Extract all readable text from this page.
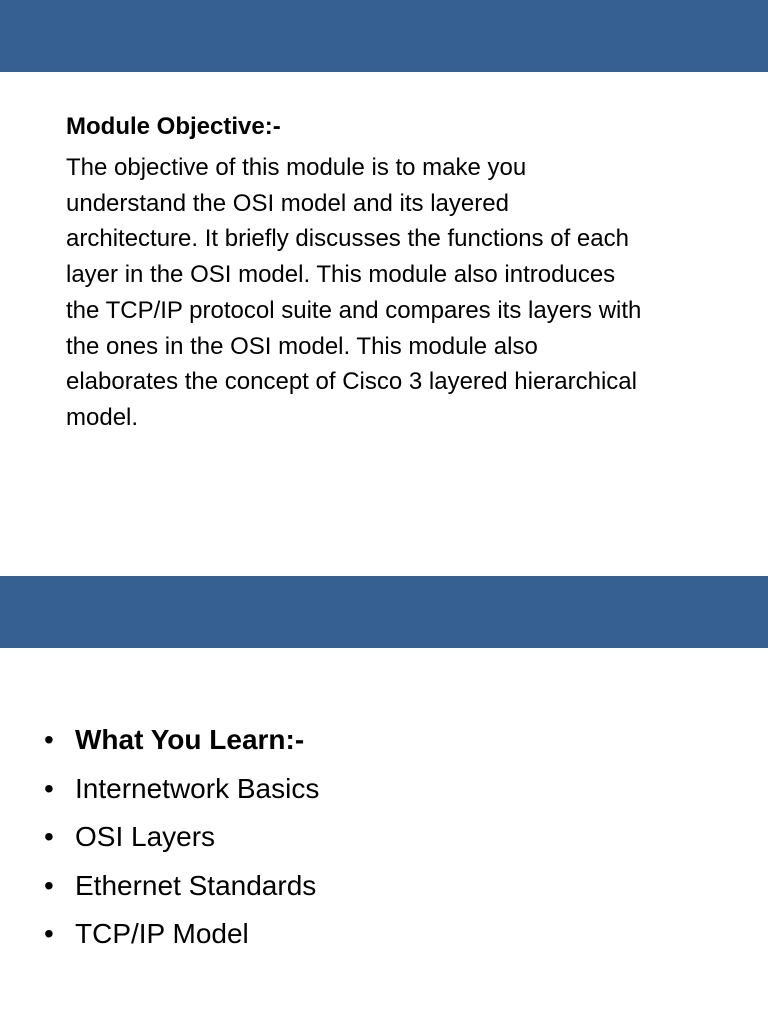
Module Objective:-

The objective of this module is to make you understand the OSI model and its layered architecture. It briefly discusses the functions of each layer in the OSI model. This module also introduces the TCP/IP protocol suite and compares its layers with the ones in the OSI model. This module also elaborates the concept of Cisco 3 layered hierarchical model.

• What You Learn:-
• Internetwork Basics
• OSI Layers
• Ethernet Standards
• TCP/IP Model
